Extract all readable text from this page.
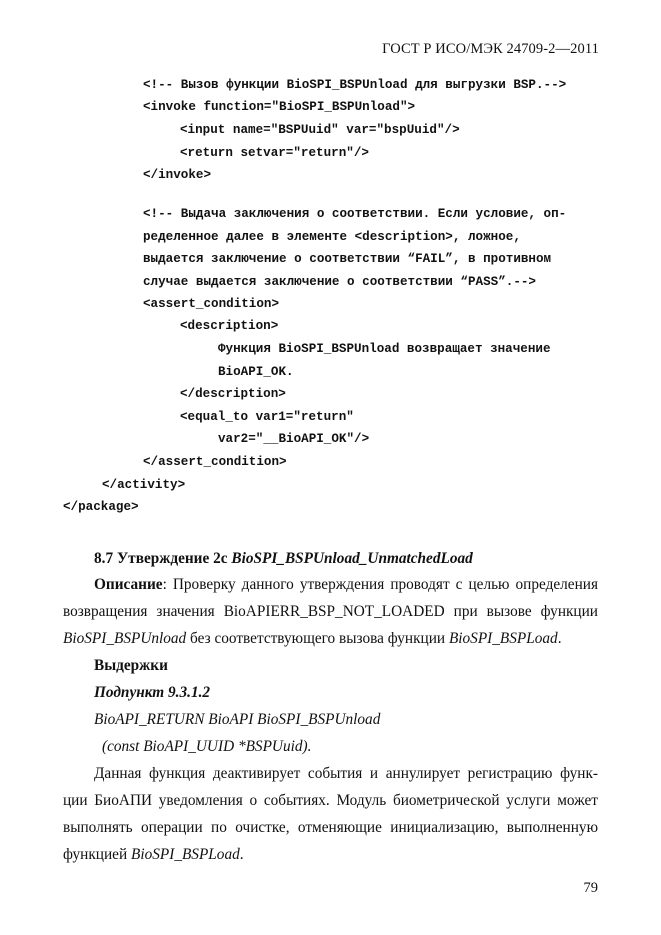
ГОСТ Р ИСО/МЭК 24709-2—2011
<!-- Вызов функции BioSPI_BSPUnload для выгрузки BSP.-->
<invoke function="BioSPI_BSPUnload">
<input name="BSPUuid" var="bspUuid"/>
<return setvar="return"/>
</invoke>
<!-- Выдача заключения о соответствии. Если условие, оп-
ределенное далее в элементе <description>, ложное,
выдается заключение о соответствии “FAIL”, в противном
случае выдается заключение о соответствии “PASS”.-->
<assert_condition>
<description>
Функция BioSPI_BSPUnload возвращает значение
BioAPI_OK.
</description>
<equal_to var1="return"
var2="__BioAPI_OK"/>
</assert_condition>
</activity>
</package>
8.7 Утверждение 2с BioSPI_BSPUnload_UnmatchedLoad
Описание: Проверку данного утверждения проводят с целью определения
возвращения значения BioAPIERR_BSP_NOT_LOADED при вызове функции
BioSPI_BSPUnload без соответствующего вызова функции BioSPI_BSPLoad.
Выдержки
Подпункт 9.3.1.2
BioAPI_RETURN BioAPI BioSPI_BSPUnload
(const BioAPI_UUID *BSPUuid).
Данная функция деактивирует события и аннулирует регистрацию функ-
ции БиоАПИ уведомления о событиях. Модуль биометрической услуги может
выполнять операции по очистке, отменяющие инициализацию, выполненную
функцией BioSPI_BSPLoad.
79
